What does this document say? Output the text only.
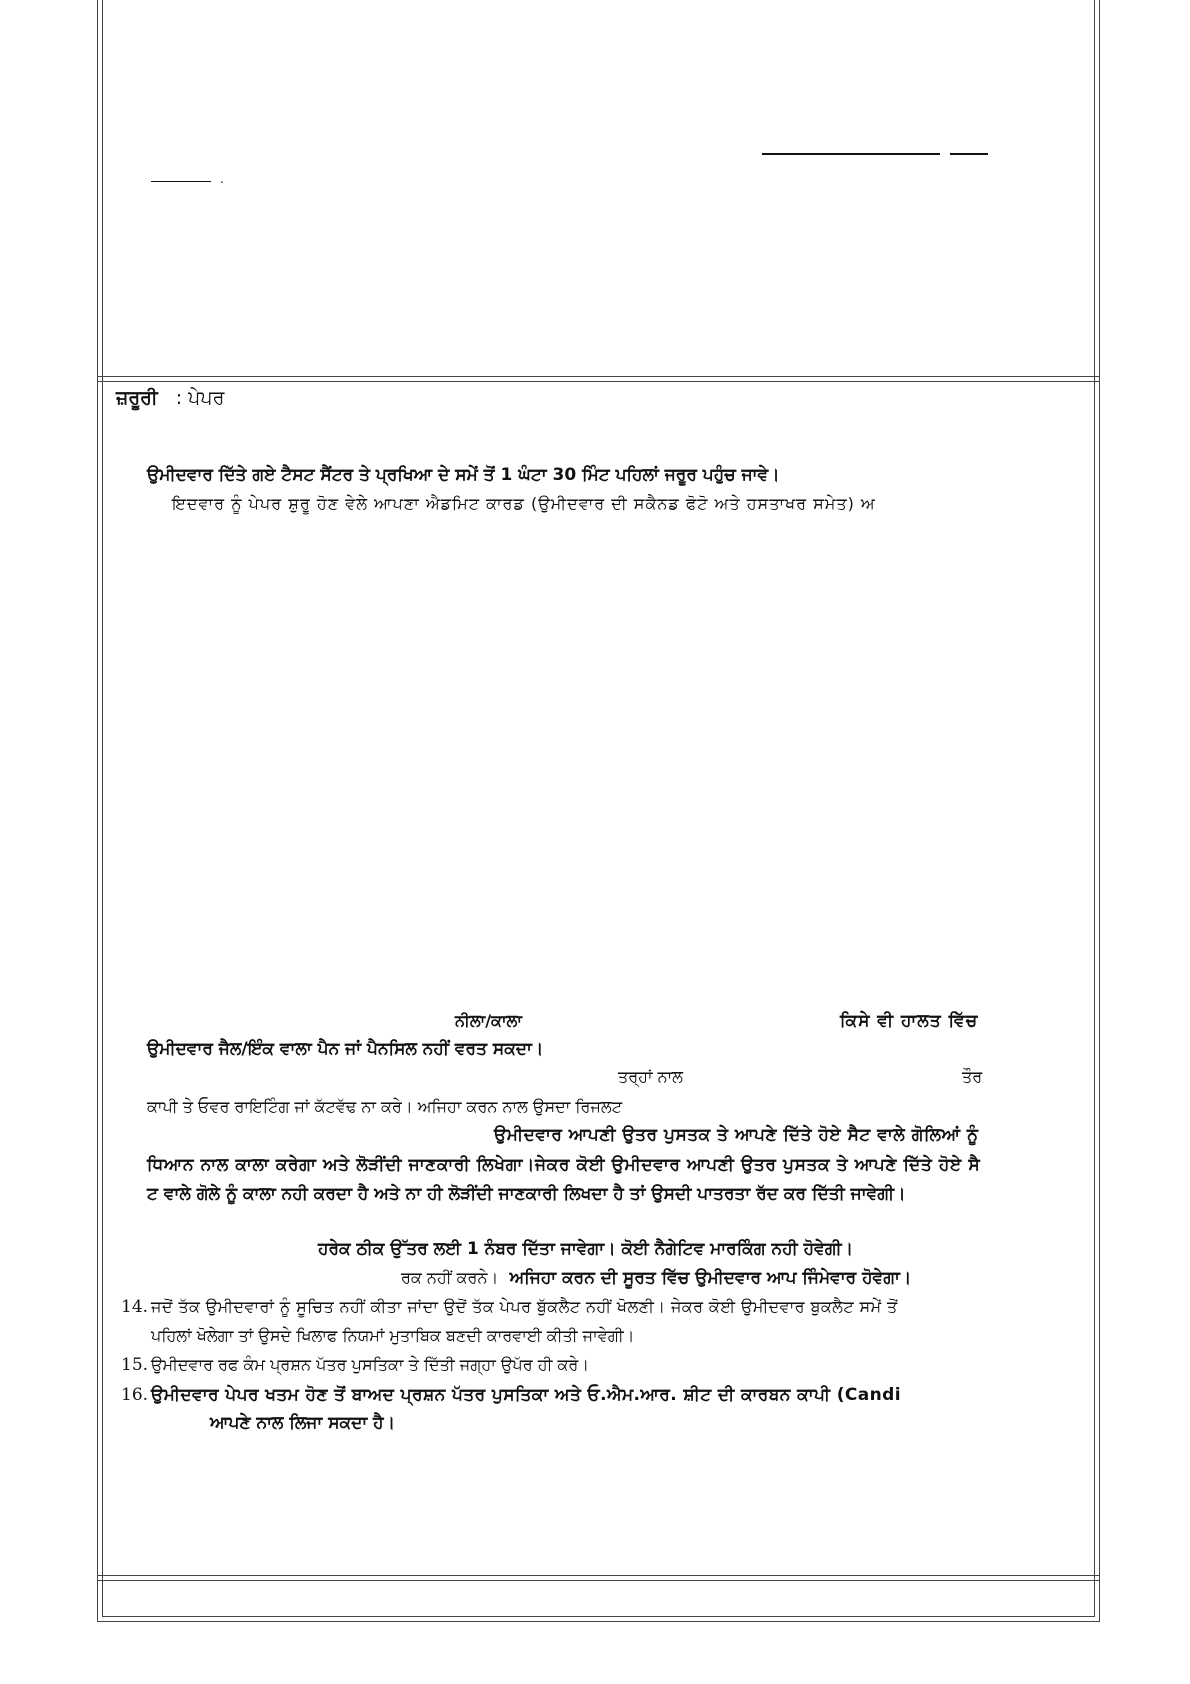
.
ਜ਼ਰੂਰੀ : ਪੇਪਰ
ਉਮੀਦਵਾਰ ਦਿੱਤੇ ਗਏ ਟੈਸਟ ਸੈਂਟਰ ਤੇ ਪ੍ਰਖਿਆ ਦੇ ਸਮੇਂ ਤੋਂ 1 ਘੰਟਾ 30 ਮਿੰਟ ਪਹਿਲਾਂ ਜਰੂਰ ਪਹੁੰਚ ਜਾਵੇ।
ਇਦਵਾਰ ਨੂੰ ਪੇਪਰ ਸ਼ੁਰੂ ਹੋਣ ਵੇਲੇ ਆਪਣਾ ਐਡਮਿਟ ਕਾਰਡ (ਉਮੀਦਵਾਰ ਦੀ ਸਕੈਨਡ ਫੋਟੋ ਅਤੇ ਹਸਤਾਖਰ ਸਮੇਤ) ਅ
ਨੀਲਾ/ਕਾਲਾ	ਕਿਸੇ ਵੀ ਹਾਲਤ ਵਿੱਚ
ਉਮੀਦਵਾਰ ਜੈਲ/ਇੰਕ ਵਾਲਾ ਪੈਨ ਜਾਂ ਪੈਨਸਿਲ ਨਹੀਂ ਵਰਤ ਸਕਦਾ।
ਤਰ੍ਹਾਂ ਨਾਲ	ਤੌਰ
ਕਾਪੀ ਤੇ ਓਵਰ ਰਾਇਟਿੰਗ ਜਾਂ ਕੱਟਵੱਢ ਨਾ ਕਰੇ। ਅਜਿਹਾ ਕਰਨ ਨਾਲ ਉਸਦਾ ਰਿਜਲਟ
ਉਮੀਦਵਾਰ ਆਪਣੀ ਉਤਰ ਪੁਸਤਕ ਤੇ ਆਪਣੇ ਦਿੱਤੇ ਹੋਏ ਸੈਟ ਵਾਲੇ ਗੋਲਿਆਂ ਨੂੰ
ਧਿਆਨ ਨਾਲ ਕਾਲਾ ਕਰੇਗਾ ਅਤੇ ਲੋੜੀਂਦੀ ਜਾਣਕਾਰੀ ਲਿਖੇਗਾ।ਜੇਕਰ ਕੋਈ ਉਮੀਦਵਾਰ ਆਪਣੀ ਉਤਰ ਪੁਸਤਕ ਤੇ ਆਪਣੇ ਦਿੱਤੇ ਹੋਏ ਸੈ
ਟ ਵਾਲੇ ਗੋਲੇ ਨੂੰ ਕਾਲਾ ਨਹੀ ਕਰਦਾ ਹੈ ਅਤੇ ਨਾ ਹੀ ਲੋੜੀਂਦੀ ਜਾਣਕਾਰੀ ਲਿਖਦਾ ਹੈ ਤਾਂ ਉਸਦੀ ਪਾਤਰਤਾ ਰੱਦ ਕਰ ਦਿੱਤੀ ਜਾਵੇਗੀ।
ਹਰੇਕ ਠੀਕ ਉੱਤਰ ਲਈ 1 ਨੰਬਰ ਦਿੱਤਾ ਜਾਵੇਗਾ। ਕੋਈ ਨੈਗੇਟਿਵ ਮਾਰਕਿੰਗ ਨਹੀ ਹੋਵੇਗੀ।
ਰਕ ਨਹੀਂ ਕਰਨੇ। ਅਜਿਹਾ ਕਰਨ ਦੀ ਸੂਰਤ ਵਿੱਚ ਉਮੀਦਵਾਰ ਆਪ ਜਿੰਮੇਵਾਰ ਹੋਵੇਗਾ।
14. ਜਦੋਂ ਤੱਕ ਉਮੀਦਵਾਰਾਂ ਨੂੰ ਸੂਚਿਤ ਨਹੀਂ ਕੀਤਾ ਜਾਂਦਾ ਉਦੋਂ ਤੱਕ ਪੇਪਰ ਬੁੱਕਲੈਟ ਨਹੀਂ ਖੋਲਣੀ। ਜੇਕਰ ਕੋਈ ਉਮੀਦਵਾਰ ਬੁਕਲੈਟ ਸਮੇਂ ਤੋਂ
ਪਹਿਲਾਂ ਖੋਲੇਗਾ ਤਾਂ ਉਸਦੇ ਖਿਲਾਫ ਨਿਯਮਾਂ ਮੁਤਾਬਿਕ ਬਣਦੀ ਕਾਰਵਾਈ ਕੀਤੀ ਜਾਵੇਗੀ।
15. ਉਮੀਦਵਾਰ ਰਫ ਕੰਮ ਪ੍ਰਸ਼ਨ ਪੱਤਰ ਪੁਸਤਿਕਾ ਤੇ ਦਿੱਤੀ ਜਗ੍ਹਾ ਉਪੱਰ ਹੀ ਕਰੇ।
16. ਉਮੀਦਵਾਰ ਪੇਪਰ ਖਤਮ ਹੋਣ ਤੋਂ ਬਾਅਦ ਪ੍ਰਸ਼ਨ ਪੱਤਰ ਪੁਸਤਿਕਾ ਅਤੇ ਓ.ਐਮ.ਆਰ. ਸ਼ੀਟ ਦੀ ਕਾਰਬਨ ਕਾਪੀ (Candi
ਆਪਣੇ ਨਾਲ ਲਿਜਾ ਸਕਦਾ ਹੈ।
